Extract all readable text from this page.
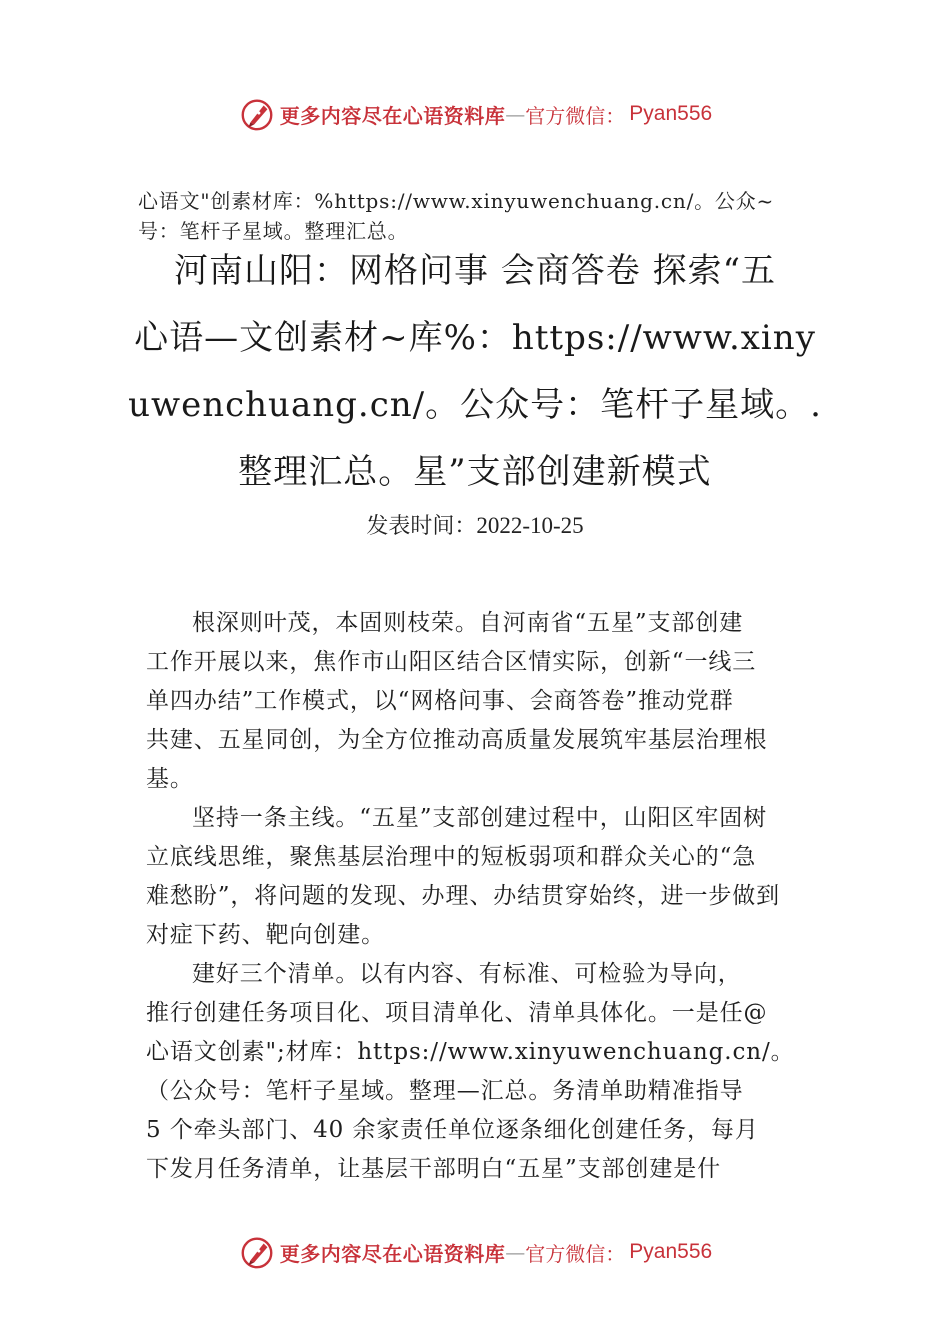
更多内容尽在心语资料库 — 官方微信： Pyan556
心语文"创素材库：%https://www.xinyuwenchuang.cn/。公众~
号：笔杆子星域。整理汇总。
河南山阳：网格问事 会商答卷 探索“五
心语—文创素材~库%：https://www.xiny
uwenchuang.cn/。公众号：笔杆子星域。.
整理汇总。星”支部创建新模式
发表时间：2022-10-25

根深则叶茂，本固则枝荣。自河南省“五星”支部创建
工作开展以来，焦作市山阳区结合区情实际，创新“一线三
单四办结”工作模式，以“网格问事、会商答卷”推动党群
共建、五星同创，为全方位推动高质量发展筑牢基层治理根
基。

坚持一条主线。“五星”支部创建过程中，山阳区牢固树
立底线思维，聚焦基层治理中的短板弱项和群众关心的“急
难愁盼”，将问题的发现、办理、办结贯穿始终，进一步做到
对症下药、靶向创建。

建好三个清单。以有内容、有标准、可检验为导向，
推行创建任务项目化、项目清单化、清单具体化。一是任@
心语文创素";材库：https://www.xinyuwenchuang.cn/。
（公众号：笔杆子星域。整理—汇总。务清单助精准指导
5 个牵头部门、40 余家责任单位逐条细化创建任务，每月
下发月任务清单，让基层干部明白“五星”支部创建是什

更多内容尽在心语资料库 — 官方微信： Pyan556
